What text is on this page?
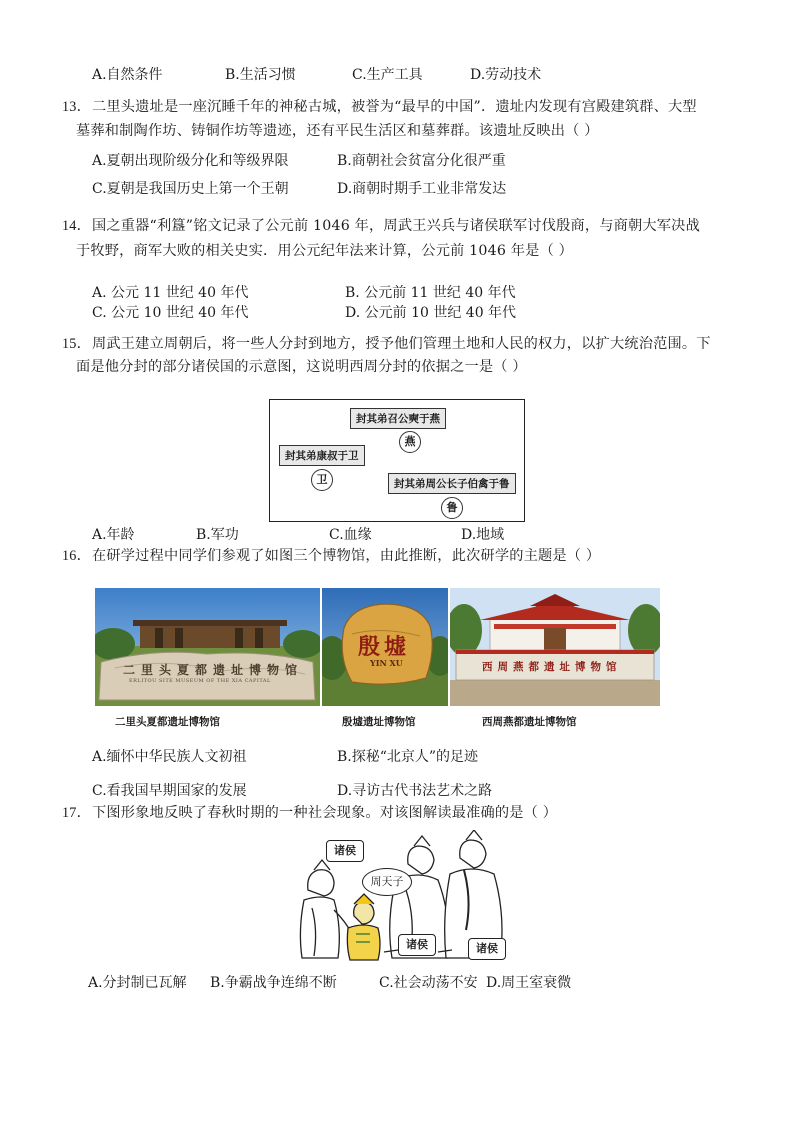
A.自然条件	B.生活习惯	C.生产工具	D.劳动技术
13． 二里头遗址是一座沉睡千年的神秘古城，被誉为“最早的中国”．遗址内发现有宫殿建筑群、大型
墓葬和制陶作坊、铸铜作坊等遗迹，还有平民生活区和墓葬群。该遗址反映出（ ）
A.夏朝出现阶级分化和等级界限	B.商朝社会贫富分化很严重
C.夏朝是我国历史上第一个王朝	D.商朝时期手工业非常发达
14． 国之重器“利簋”铭文记录了公元前 1046 年，周武王兴兵与诸侯联军讨伐殷商，与商朝大军决战
于牧野，商军大败的相关史实．用公元纪年法来计算，公元前 1046 年是（ ）
A. 公元 11 世纪 40 年代	B. 公元前 11 世纪 40 年代
C. 公元 10 世纪 40 年代	D. 公元前 10 世纪 40 年代
15． 周武王建立周朝后，将一些人分封到地方，授予他们管理土地和人民的权力，以扩大统治范围。下
面是他分封的部分诸侯国的示意图，这说明西周分封的依据之一是（ ）
封其弟召公奭于燕
燕
封其弟康叔于卫
卫	封其弟周公长子伯禽于鲁
鲁
A.年龄	B.军功	C.血缘	D.地域
16． 在研学过程中同学们参观了如图三个博物馆，由此推断，此次研学的主题是（ ）
二里头夏都遗址博物馆
ERLITOU SITE MUSEUM OF THE XIA CAPITAL
殷墟
YIN XU	西周燕都遗址博物馆
二里头夏都遗址博物馆	殷墟遗址博物馆	西周燕都遗址博物馆
A.缅怀中华民族人文初祖	B.探秘“北京人”的足迹
C.看我国早期国家的发展	D.寻访古代书法艺术之路
17． 下图形象地反映了春秋时期的一种社会现象。对该图解读最准确的是（ ）
诸侯
周天子
诸侯	诸侯
A.分封制已瓦解 B.争霸战争连绵不断	C.社会动荡不安 D.周王室衰微
